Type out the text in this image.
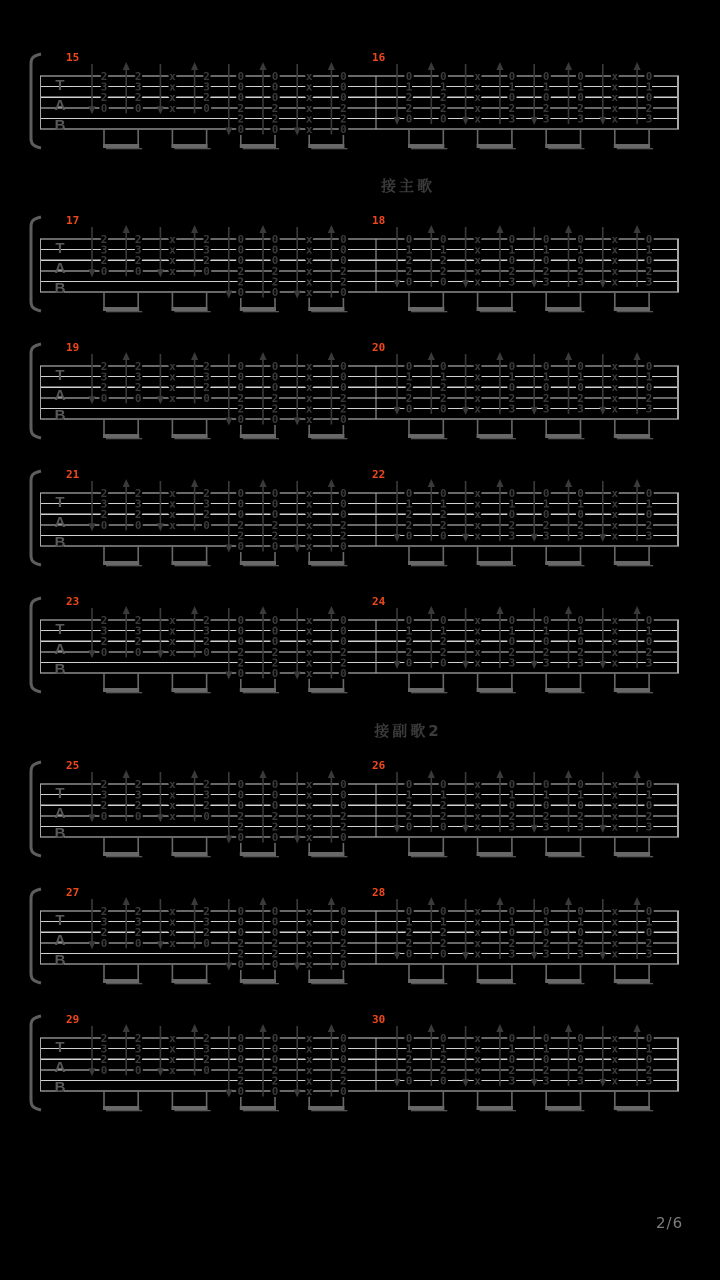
T
A
B
15
2
3
2
0
2
3
2
0
x
x
x
x
2
3
2
0
0
0
0
2
2
0
0
0
0
2
2
0
x
x
x
x
x
x
0
0
0
2
2
0
16
0
1
2
2
0
0
1
2
2
0
x
x
x
x
x
0
1
0
2
3
0
1
0
2
3
0
1
0
2
3
x
x
x
x
x
0
1
0
2
3
接主歌
T
A
B
17
2
3
2
0
2
3
2
0
x
x
x
x
2
3
2
0
0
0
0
2
2
0
0
0
0
2
2
0
x
x
x
x
x
x
0
0
0
2
2
0
18
0
1
2
2
0
0
1
2
2
0
x
x
x
x
x
0
1
0
2
3
0
1
0
2
3
0
1
0
2
3
x
x
x
x
x
0
1
0
2
3
T
A
B
19
2
3
2
0
2
3
2
0
x
x
x
x
2
3
2
0
0
0
0
2
2
0
0
0
0
2
2
0
x
x
x
x
x
x
0
0
0
2
2
0
20
0
1
2
2
0
0
1
2
2
0
x
x
x
x
x
0
1
0
2
3
0
1
0
2
3
0
1
0
2
3
x
x
x
x
x
0
1
0
2
3
T
A
B
21
2
3
2
0
2
3
2
0
x
x
x
x
2
3
2
0
0
0
0
2
2
0
0
0
0
2
2
0
x
x
x
x
x
x
0
0
0
2
2
0
22
0
1
2
2
0
0
1
2
2
0
x
x
x
x
x
0
1
0
2
3
0
1
0
2
3
0
1
0
2
3
x
x
x
x
x
0
1
0
2
3
T
A
B
23
2
3
2
0
2
3
2
0
x
x
x
x
2
3
2
0
0
0
0
2
2
0
0
0
0
2
2
0
x
x
x
x
x
x
0
0
0
2
2
0
24
0
1
2
2
0
0
1
2
2
0
x
x
x
x
x
0
1
0
2
3
0
1
0
2
3
0
1
0
2
3
x
x
x
x
x
0
1
0
2
3
接副歌2
T
A
B
25
2
3
2
0
2
3
2
0
x
x
x
x
2
3
2
0
0
0
0
2
2
0
0
0
0
2
2
0
x
x
x
x
x
x
0
0
0
2
2
0
26
0
1
2
2
0
0
1
2
2
0
x
x
x
x
x
0
1
0
2
3
0
1
0
2
3
0
1
0
2
3
x
x
x
x
x
0
1
0
2
3
T
A
B
27
2
3
2
0
2
3
2
0
x
x
x
x
2
3
2
0
0
0
0
2
2
0
0
0
0
2
2
0
x
x
x
x
x
x
0
0
0
2
2
0
28
0
1
2
2
0
0
1
2
2
0
x
x
x
x
x
0
1
0
2
3
0
1
0
2
3
0
1
0
2
3
x
x
x
x
x
0
1
0
2
3
T
A
B
29
2
3
2
0
2
3
2
0
x
x
x
x
2
3
2
0
0
0
0
2
2
0
0
0
0
2
2
0
x
x
x
x
x
x
0
0
0
2
2
0
30
0
1
2
2
0
0
1
2
2
0
x
x
x
x
x
0
1
0
2
3
0
1
0
2
3
0
1
0
2
3
x
x
x
x
x
0
1
0
2
3
2/6
